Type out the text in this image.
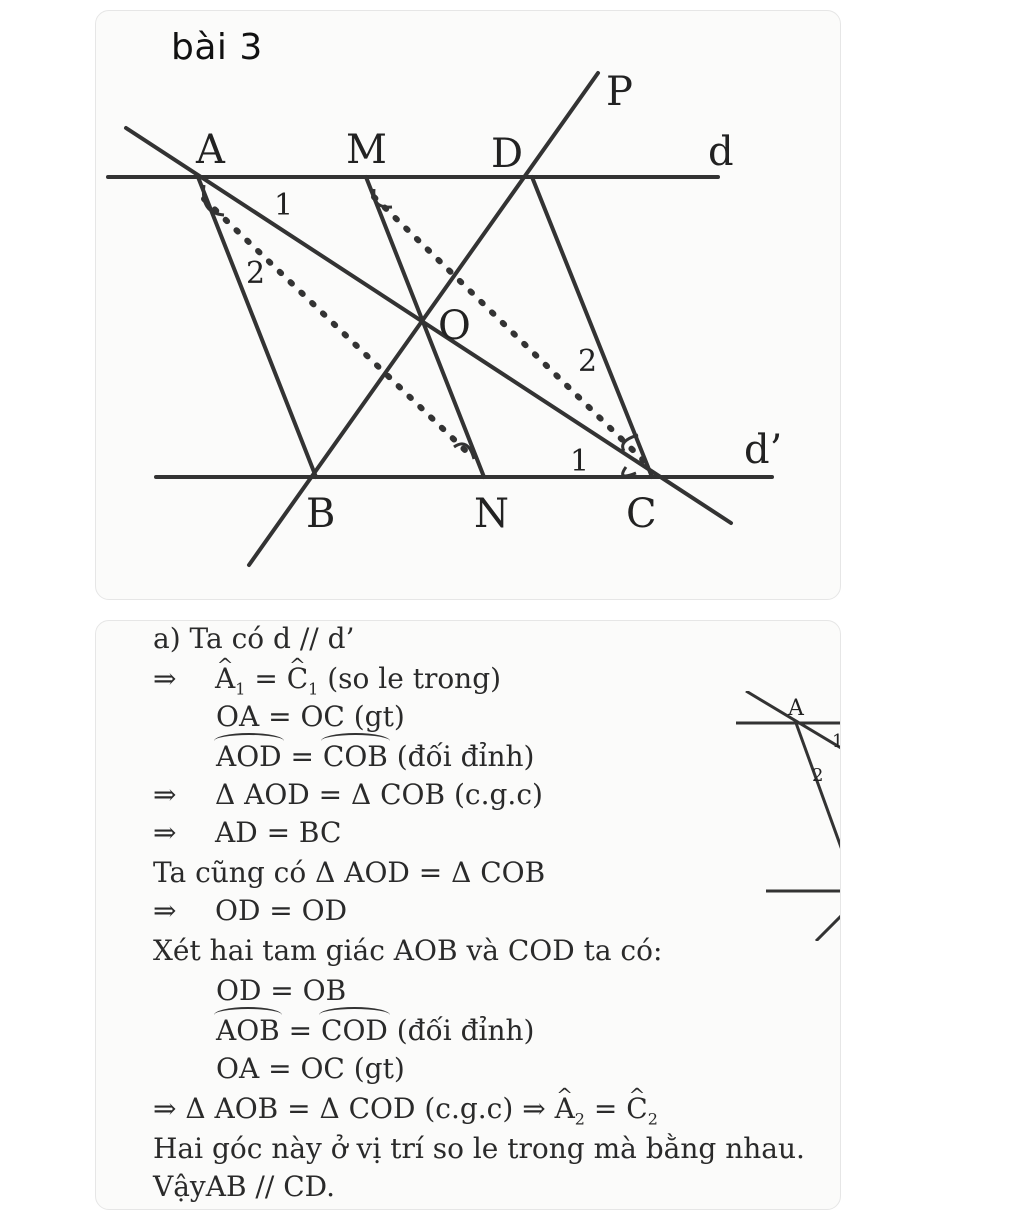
bài 3
A	M	D
P
d
O
B	N	C
d’
1
2
1
2
a) Ta có d // d’
⇒^ $A_1$ = ^ $C_1$ (so le trong)
OA = OC (gt)
AOD = COB (đối đỉnh)
⇒ Δ AOD = Δ COB (c.g.c)
⇒ AD = BC
Ta cũng có Δ AOD = Δ COB
⇒ OD = OD
Xét hai tam giác AOB và COD ta có:
OD = OB
AOB = COD (đối đỉnh)
OA = OC (gt)
⇒ Δ AOB = Δ COD (c.g.c) ⇒ ^ $A_2$ = ^ $C_2$
Hai góc này ở vị trí so le trong mà bằng nhau.
VậyAB // CD.
A
1
2
